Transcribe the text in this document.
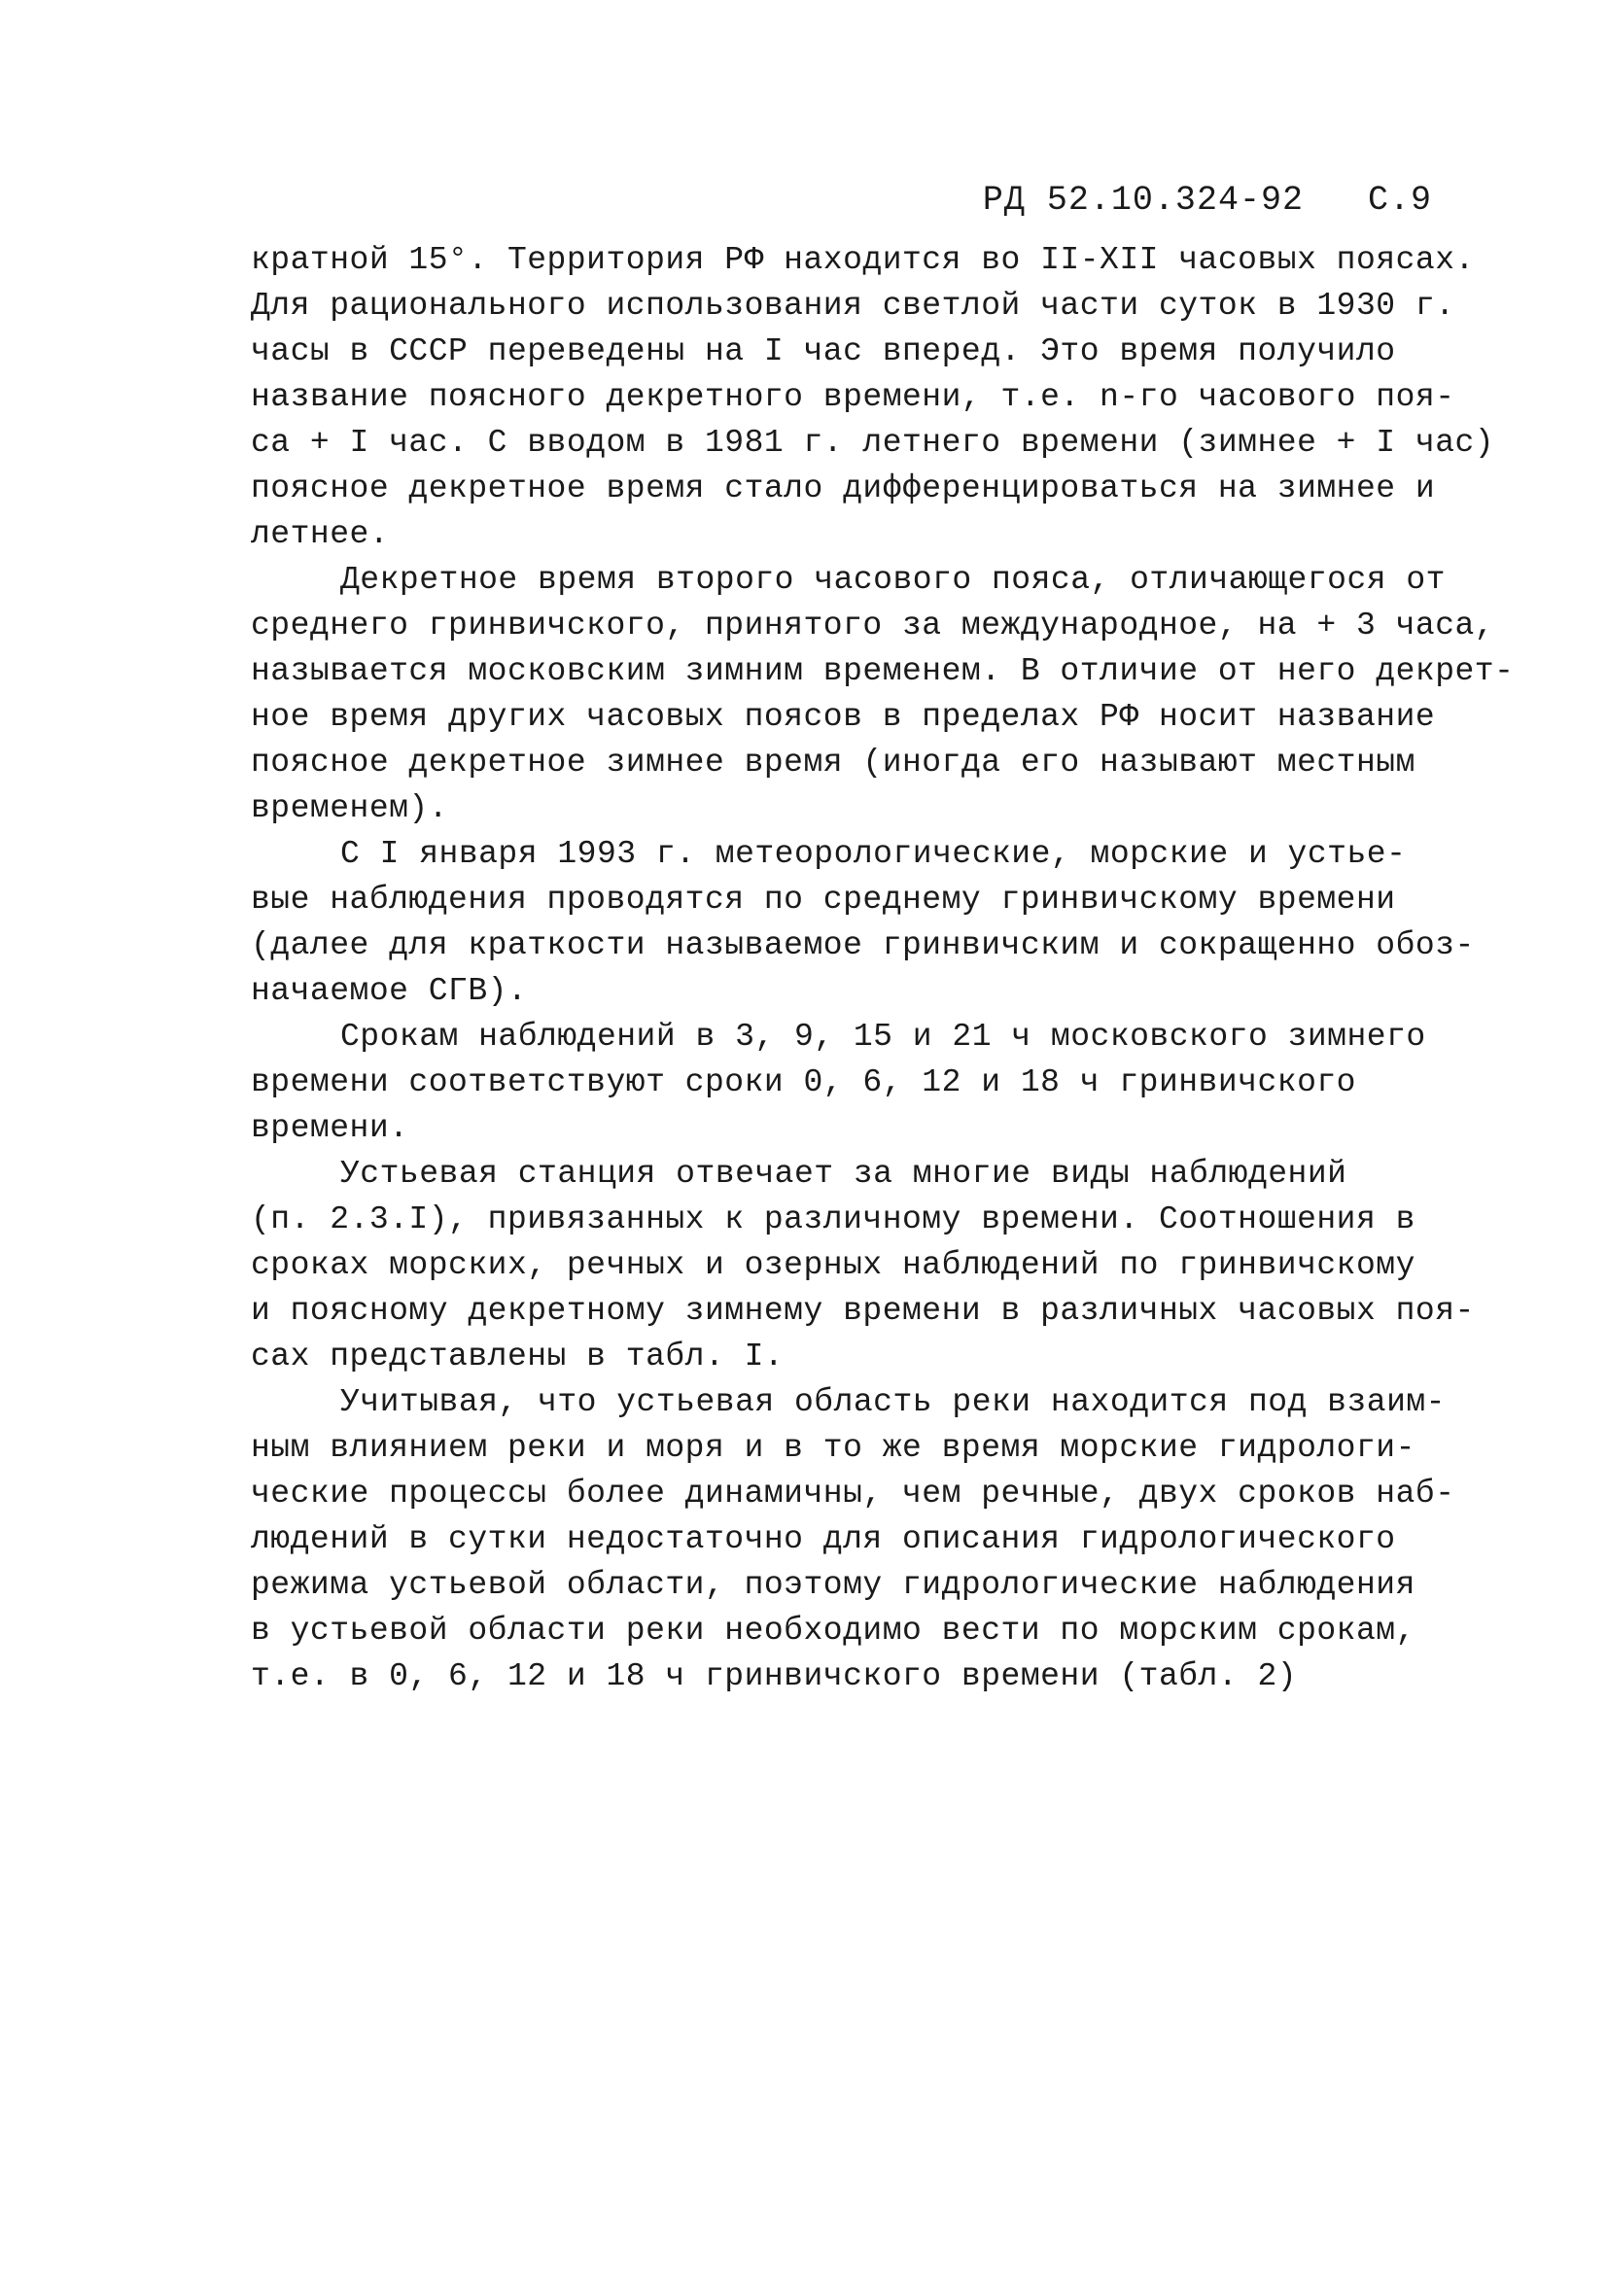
РД 52.10.324-92 С.9
кратной 15°. Территория РФ находится во II-XII часовых поясах.
Для рационального использования светлой части суток в 1930 г.
часы в СССР переведены на I час вперед. Это время получило
название поясного декретного времени, т.е. n-го часового поя-
са + I час. С вводом в 1981 г. летнего времени (зимнее + I час)
поясное декретное время стало дифференцироваться на зимнее и
летнее.
Декретное время второго часового пояса, отличающегося от
среднего гринвичского, принятого за международное, на + 3 часа,
называется московским зимним временем. В отличие от него декрет-
ное время других часовых поясов в пределах РФ носит название
поясное декретное зимнее время (иногда его называют местным
временем).
С I января 1993 г. метеорологические, морские и устье-
вые наблюдения проводятся по среднему гринвичскому времени
(далее для краткости называемое гринвичским и сокращенно обоз-
начаемое СГВ).
Срокам наблюдений в 3, 9, 15 и 21 ч московского зимнего
времени соответствуют сроки 0, 6, 12 и 18 ч гринвичского
времени.
Устьевая станция отвечает за многие виды наблюдений
(п. 2.3.I), привязанных к различному времени. Соотношения в
сроках морских, речных и озерных наблюдений по гринвичскому
и поясному декретному зимнему времени в различных часовых поя-
сах представлены в табл. I.
Учитывая, что устьевая область реки находится под взаим-
ным влиянием реки и моря и в то же время морские гидрологи-
ческие процессы более динамичны, чем речные, двух сроков наб-
людений в сутки недостаточно для описания гидрологического
режима устьевой области, поэтому гидрологические наблюдения
в устьевой области реки необходимо вести по морским срокам,
т.е. в 0, 6, 12 и 18 ч гринвичского времени (табл. 2)
